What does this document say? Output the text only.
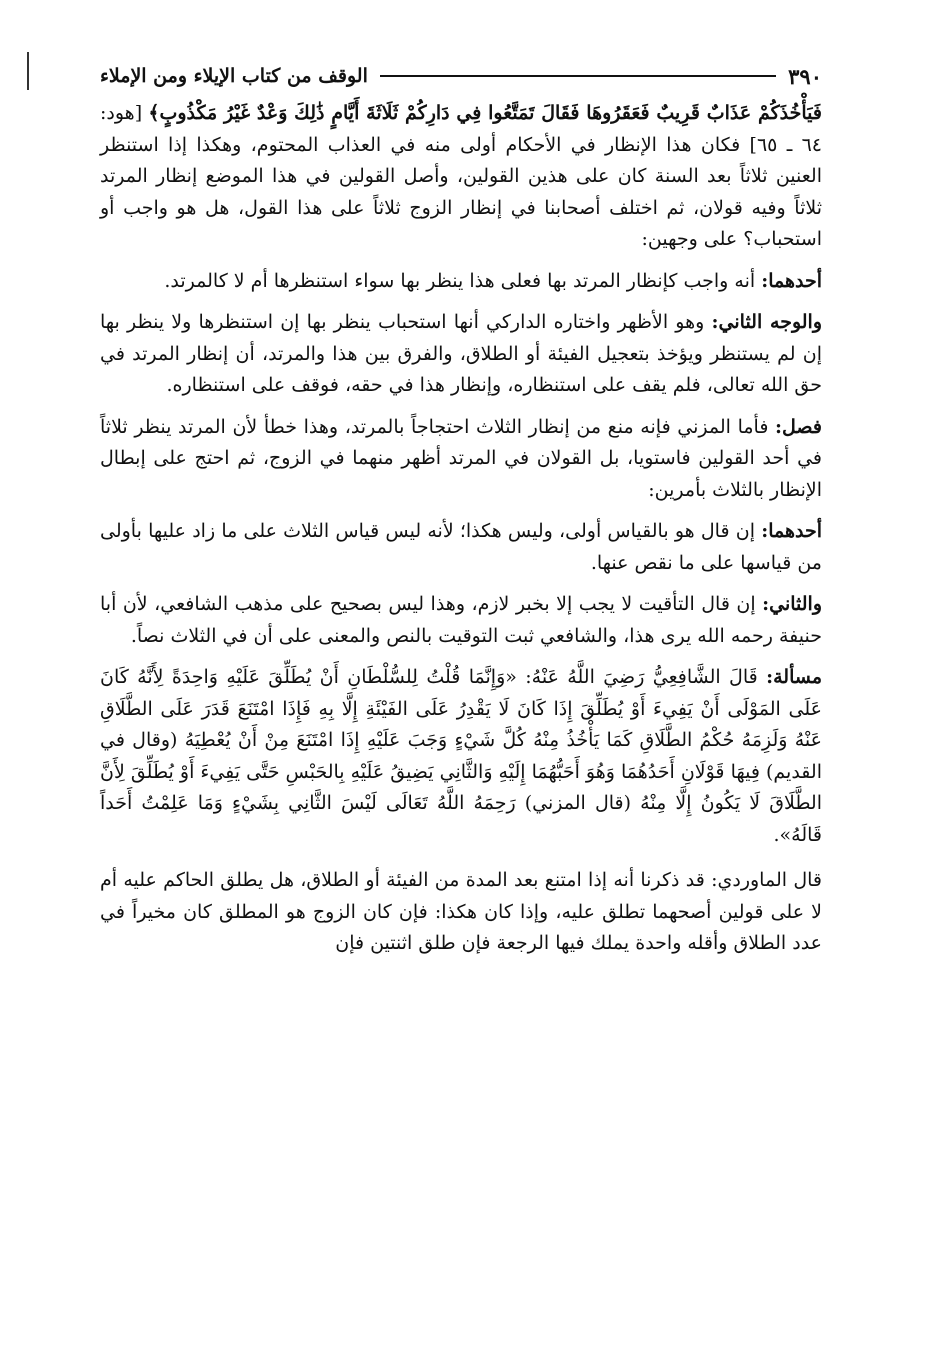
٣٩٠
الوقف من كتاب الإيلاء ومن الإملاء

فَيَأْخُذَكُمْ عَذَابٌ قَرِيبٌ فَعَقَرُوهَا فَقَالَ تَمَتَّعُوا فِي دَارِكُمْ ثَلَاثَةَ أَيَّامٍ ذَٰلِكَ وَعْدٌ غَيْرُ مَكْذُوبٍ﴾ [هود: ٦٤ ـ ٦٥] فكان هذا الإنظار في الأحكام أولى منه في العذاب المحتوم، وهكذا إذا استنظر العنين ثلاثاً بعد السنة كان على هذين القولين، وأصل القولين في هذا الموضع إنظار المرتد ثلاثاً وفيه قولان، ثم اختلف أصحابنا في إنظار الزوج ثلاثاً على هذا القول، هل هو واجب أو استحباب؟ على وجهين:

أحدهما: أنه واجب كإنظار المرتد بها فعلى هذا ينظر بها سواء استنظرها أم لا كالمرتد.

والوجه الثاني: وهو الأظهر واختاره الداركي أنها استحباب ينظر بها إن استنظرها ولا ينظر بها إن لم يستنظر ويؤخذ بتعجيل الفيئة أو الطلاق، والفرق بين هذا والمرتد، أن إنظار المرتد في حق الله تعالى، فلم يقف على استنظاره، وإنظار هذا في حقه، فوقف على استنظاره.

فصل: فأما المزني فإنه منع من إنظار الثلاث احتجاجاً بالمرتد، وهذا خطأ لأن المرتد ينظر ثلاثاً في أحد القولين فاستويا، بل القولان في المرتد أظهر منهما في الزوج، ثم احتج على إبطال الإنظار بالثلاث بأمرين:

أحدهما: إن قال هو بالقياس أولى، وليس هكذا؛ لأنه ليس قياس الثلاث على ما زاد عليها بأولى من قياسها على ما نقص عنها.

والثاني: إن قال التأقيت لا يجب إلا بخبر لازم، وهذا ليس بصحيح على مذهب الشافعي، لأن أبا حنيفة رحمه الله يرى هذا، والشافعي ثبت التوقيت بالنص والمعنى على أن في الثلاث نصاً.

مسألة: قَالَ الشَّافِعِيُّ رَضِيَ اللَّهُ عَنْهُ: «وَإِنَّمَا قُلْتُ لِلسُّلْطَانِ أَنْ يُطَلِّقَ عَلَيْهِ وَاحِدَةً لِأَنَّهُ كَانَ عَلَى المَوْلَى أَنْ يَفِيءَ أَوْ يُطَلِّقَ إِذَا كَانَ لَا يَقْدِرُ عَلَى الفَيْئَةِ إِلَّا بِهِ فَإِذَا امْتَنَعَ قَدَرَ عَلَى الطَّلَاقِ عَنْهُ وَلَزِمَهُ حُكْمُ الطَّلَاقِ كَمَا يَأْخُذُ مِنْهُ كُلَّ شَيْءٍ وَجَبَ عَلَيْهِ إِذَا امْتَنَعَ مِنْ أَنْ يُعْطِيَهُ (وقال في القديم) فِيهَا قَوْلَانِ أَحَدُهُمَا وَهُوَ أَحَبُّهُمَا إِلَيْهِ وَالثَّانِي يَضِيقُ عَلَيْهِ بِالحَبْسِ حَتَّى يَفِيءَ أَوْ يُطَلِّقَ لِأَنَّ الطَّلَاقَ لَا يَكُونُ إِلَّا مِنْهُ (قال المزني) رَحِمَهُ اللَّهُ تَعَالَى لَيْسَ الثَّانِي بِشَيْءٍ وَمَا عَلِمْتُ أَحَداً قَالَهُ».

قال الماوردي: قد ذكرنا أنه إذا امتنع بعد المدة من الفيئة أو الطلاق، هل يطلق الحاكم عليه أم لا على قولين أصحهما تطلق عليه، وإذا كان هكذا: فإن كان الزوج هو المطلق كان مخيراً في عدد الطلاق وأقله واحدة يملك فيها الرجعة فإن طلق اثنتين فإن
